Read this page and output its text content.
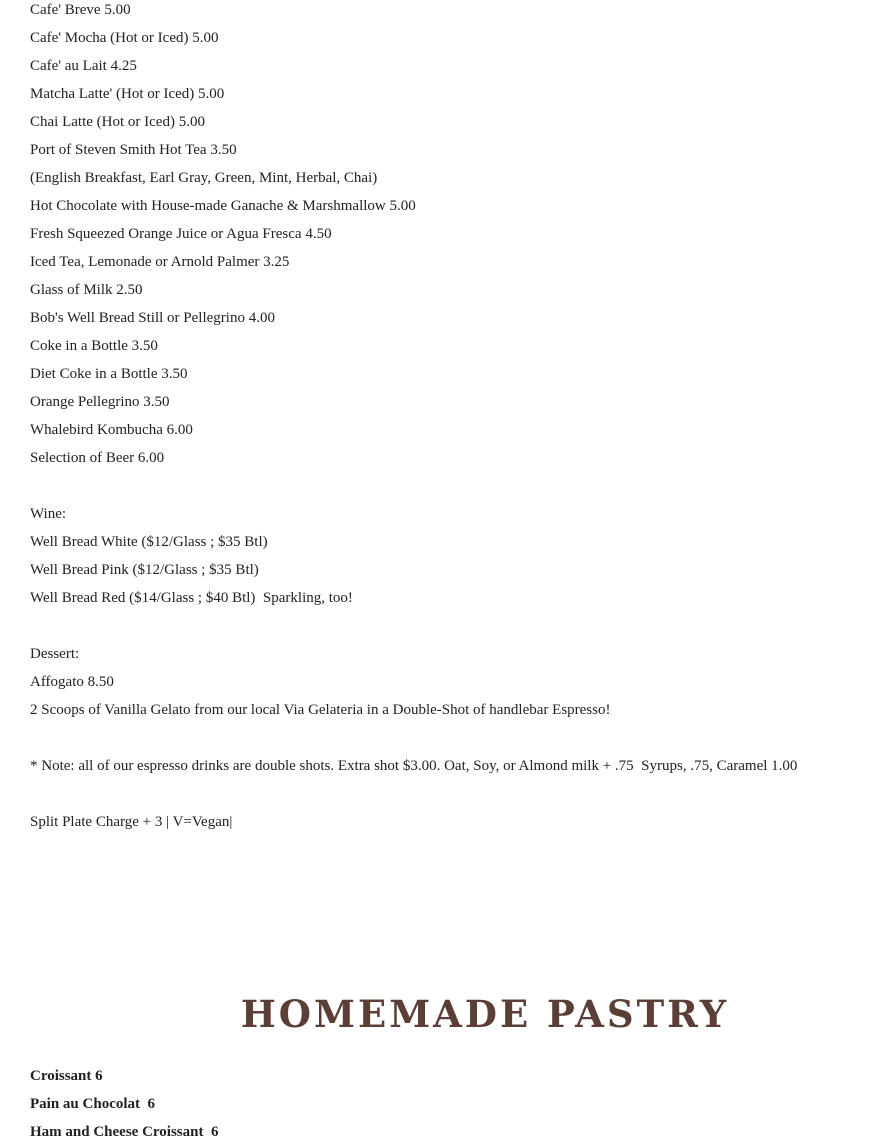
Cafe' Breve 5.00
Cafe' Mocha (Hot or Iced) 5.00
Cafe' au Lait 4.25
Matcha Latte' (Hot or Iced) 5.00
Chai Latte (Hot or Iced) 5.00
Port of Steven Smith Hot Tea 3.50
(English Breakfast, Earl Gray, Green, Mint, Herbal, Chai)
Hot Chocolate with House-made Ganache & Marshmallow 5.00
Fresh Squeezed Orange Juice or Agua Fresca 4.50
Iced Tea, Lemonade or Arnold Palmer 3.25
Glass of Milk 2.50
Bob's Well Bread Still or Pellegrino 4.00
Coke in a Bottle 3.50
Diet Coke in a Bottle 3.50
Orange Pellegrino 3.50
Whalebird Kombucha 6.00
Selection of Beer 6.00
Wine:
Well Bread White ($12/Glass ; $35 Btl)
Well Bread Pink ($12/Glass ; $35 Btl)
Well Bread Red ($14/Glass ; $40 Btl)  Sparkling, too!
Dessert:
Affogato 8.50
2 Scoops of Vanilla Gelato from our local Via Gelateria in a Double-Shot of handlebar Espresso!
* Note: all of our espresso drinks are double shots. Extra shot $3.00. Oat, Soy, or Almond milk + .75  Syrups, .75, Caramel 1.00
Split Plate Charge + 3 | V=Vegan|
HOMEMADE PASTRY
Croissant 6
Pain au Chocolat  6
Ham and Cheese Croissant  6
